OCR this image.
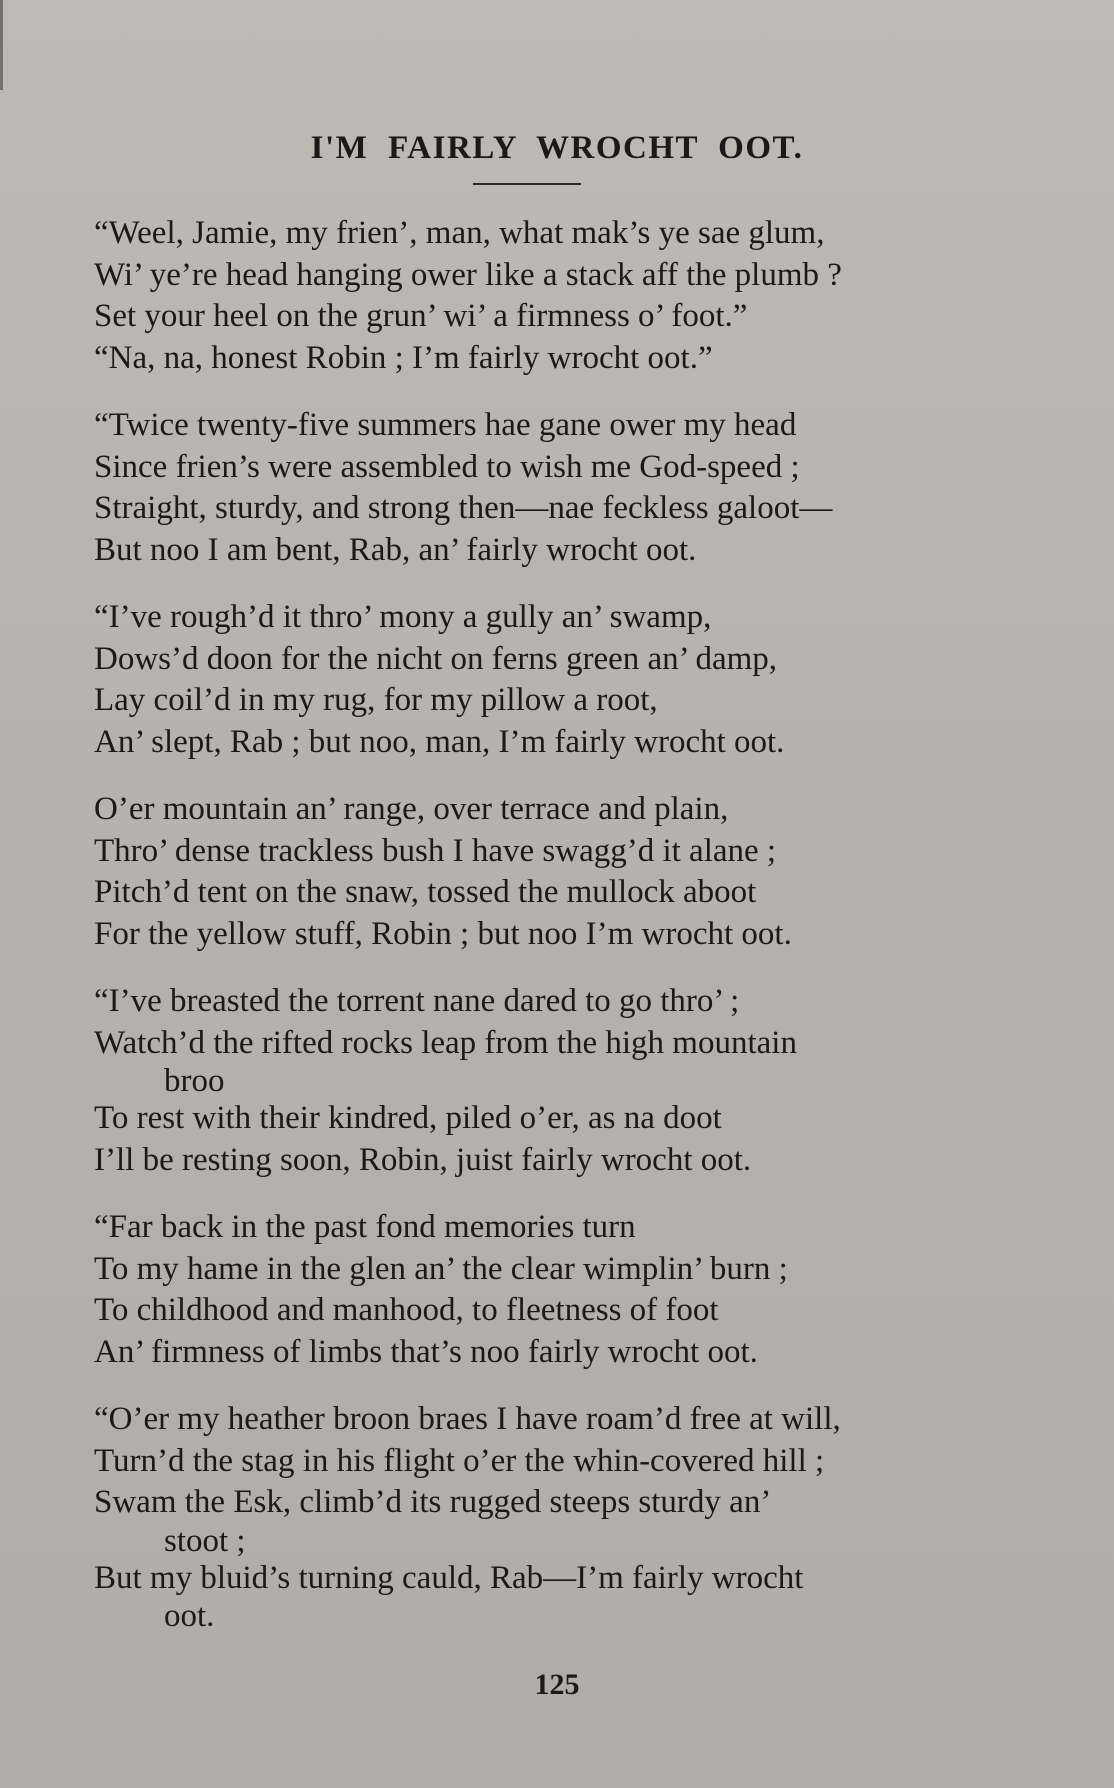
I'M FAIRLY WROCHT OOT.
“Weel, Jamie, my frien’, man, what mak’s ye sae glum,
Wi’ ye’re head hanging ower like a stack aff the plumb ?
Set your heel on the grun’ wi’ a firmness o’ foot.”
“Na, na, honest Robin ; I’m fairly wrocht oot.”
“Twice twenty-five summers hae gane ower my head
Since frien’s were assembled to wish me God-speed ;
Straight, sturdy, and strong then—nae feckless galoot—
But noo I am bent, Rab, an’ fairly wrocht oot.
“I’ve rough’d it thro’ mony a gully an’ swamp,
Dows’d doon for the nicht on ferns green an’ damp,
Lay coil’d in my rug, for my pillow a root,
An’ slept, Rab ; but noo, man, I’m fairly wrocht oot.
O’er mountain an’ range, over terrace and plain,
Thro’ dense trackless bush I have swagg’d it alane ;
Pitch’d tent on the snaw, tossed the mullock aboot
For the yellow stuff, Robin ; but noo I’m wrocht oot.
“I’ve breasted the torrent nane dared to go thro’ ;
Watch’d the rifted rocks leap from the high mountain
broo
To rest with their kindred, piled o’er, as na doot
I’ll be resting soon, Robin, juist fairly wrocht oot.
“Far back in the past fond memories turn
To my hame in the glen an’ the clear wimplin’ burn ;
To childhood and manhood, to fleetness of foot
An’ firmness of limbs that’s noo fairly wrocht oot.
“O’er my heather broon braes I have roam’d free at will,
Turn’d the stag in his flight o’er the whin-covered hill ;
Swam the Esk, climb’d its rugged steeps sturdy an’
stoot ;
But my bluid’s turning cauld, Rab—I’m fairly wrocht
oot.
125
